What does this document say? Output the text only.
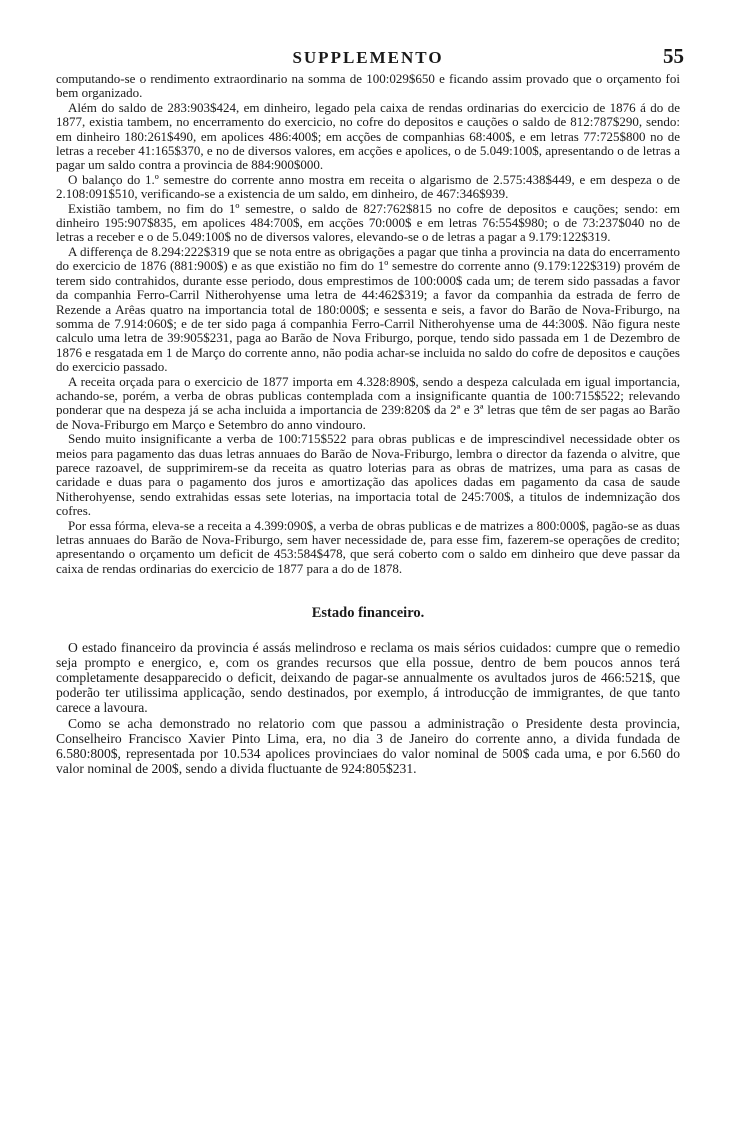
SUPPLEMENTO	55

computando-se o rendimento extraordinario na somma de 100:029$650 e ficando assim provado que o orçamento foi bem organizado.

Além do saldo de 283:903$424, em dinheiro, legado pela caixa de rendas ordinarias do exercicio de 1876 á do de 1877, existia tambem, no encerramento do exercicio, no cofre do depositos e cauções o saldo de 812:787$290, sendo: em dinheiro 180:261$490, em apolices 486:400$; em acções de companhias 68:400$, e em letras 77:725$800 no de letras a receber 41:165$370, e no de diversos valores, em acções e apolices, o de 5.049:100$, apresentando o de letras a pagar um saldo contra a provincia de 884:900$000.

O balanço do 1.º semestre do corrente anno mostra em receita o algarismo de 2.575:438$449, e em despeza o de 2.108:091$510, verificando-se a existencia de um saldo, em dinheiro, de 467:346$939.

Existião tambem, no fim do 1º semestre, o saldo de 827:762$815 no cofre de depositos e cauções; sendo: em dinheiro 195:907$835, em apolices 484:700$, em acções 70:000$ e em letras 76:554$980; o de 73:237$040 no de letras a receber e o de 5.049:100$ no de diversos valores, elevando-se o de letras a pagar a 9.179:122$319.

A differença de 8.294:222$319 que se nota entre as obrigações a pagar que tinha a provincia na data do encerramento do exercicio de 1876 (881:900$) e as que existião no fim do 1º semestre do corrente anno (9.179:122$319) provém de terem sido contrahidos, durante esse periodo, dous emprestimos de 100:000$ cada um; de terem sido passadas a favor da companhia Ferro-Carril Nitherohyense uma letra de 44:462$319; a favor da companhia da estrada de ferro de Rezende a Arêas quatro na importancia total de 180:000$; e sessenta e seis, a favor do Barão de Nova-Friburgo, na somma de 7.914:060$; e de ter sido paga á companhia Ferro-Carril Nitherohyense uma de 44:300$. Não figura neste calculo uma letra de 39:905$231, paga ao Barão de Nova Friburgo, porque, tendo sido passada em 1 de Dezembro de 1876 e resgatada em 1 de Março do corrente anno, não podia achar-se incluida no saldo do cofre de depositos e cauções do exercicio passado.

A receita orçada para o exercicio de 1877 importa em 4.328:890$, sendo a despeza calculada em igual importancia, achando-se, porém, a verba de obras publicas contemplada com a insignificante quantia de 100:715$522; relevando ponderar que na despeza já se acha incluida a importancia de 239:820$ da 2ª e 3ª letras que têm de ser pagas ao Barão de Nova-Friburgo em Março e Setembro do anno vindouro.

Sendo muito insignificante a verba de 100:715$522 para obras publicas e de imprescindivel necessidade obter os meios para pagamento das duas letras annuaes do Barão de Nova-Friburgo, lembra o director da fazenda o alvitre, que parece razoavel, de supprimirem-se da receita as quatro loterias para as obras de matrizes, uma para as casas de caridade e duas para o pagamento dos juros e amortização das apolices dadas em pagamento da casa de saude Nitherohyense, sendo extrahidas essas sete loterias, na importacia total de 245:700$, a titulos de indemnização dos cofres.

Por essa fórma, eleva-se a receita a 4.399:090$, a verba de obras publicas e de matrizes a 800:000$, pagão-se as duas letras annuaes do Barão de Nova-Friburgo, sem haver necessidade de, para esse fim, fazerem-se operações de credito; apresentando o orçamento um deficit de 453:584$478, que será coberto com o saldo em dinheiro que deve passar da caixa de rendas ordinarias do exercicio de 1877 para a do de 1878.

Estado financeiro.

O estado financeiro da provincia é assás melindroso e reclama os mais sérios cuidados: cumpre que o remedio seja prompto e energico, e, com os grandes recursos que ella possue, dentro de bem poucos annos terá completamente desapparecido o deficit, deixando de pagar-se annualmente os avultados juros de 466:521$, que poderão ter utilissima applicação, sendo destinados, por exemplo, á introducção de immigrantes, de que tanto carece a lavoura.

Como se acha demonstrado no relatorio com que passou a administração o Presidente desta provincia, Conselheiro Francisco Xavier Pinto Lima, era, no dia 3 de Janeiro do corrente anno, a divida fundada de 6.580:800$, representada por 10.534 apolices provinciaes do valor nominal de 500$ cada uma, e por 6.560 do valor nominal de 200$, sendo a divida fluctuante de 924:805$231.
